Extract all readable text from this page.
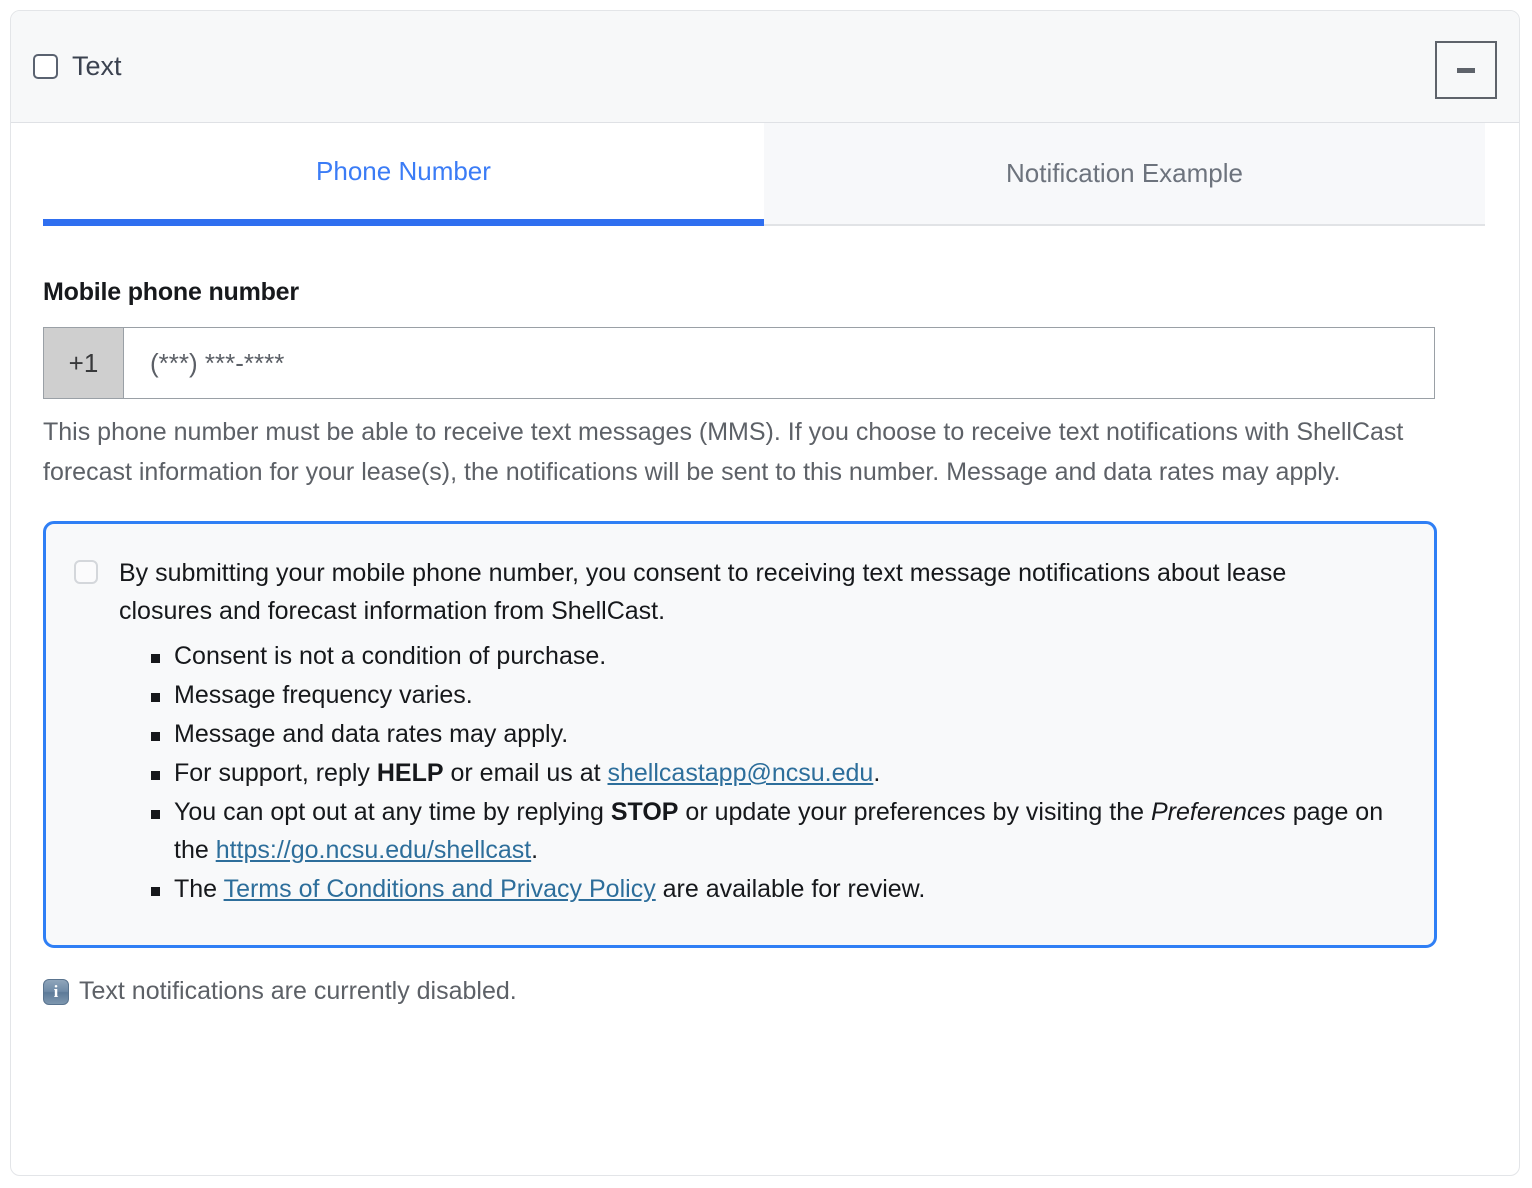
Text
Phone Number	Notification Example
Mobile phone number
+1
(***) ***-****
This phone number must be able to receive text messages (MMS). If you choose to receive text notifications with ShellCast forecast information for your lease(s), the notifications will be sent to this number. Message and data rates may apply.
By submitting your mobile phone number, you consent to receiving text message notifications about lease closures and forecast information from ShellCast.
Consent is not a condition of purchase.
Message frequency varies.
Message and data rates may apply.
For support, reply HELP or email us at shellcastapp@ncsu.edu.
You can opt out at any time by replying STOP or update your preferences by visiting the Preferences page on the https://go.ncsu.edu/shellcast.
The Terms of Conditions and Privacy Policy are available for review.
i Text notifications are currently disabled.
